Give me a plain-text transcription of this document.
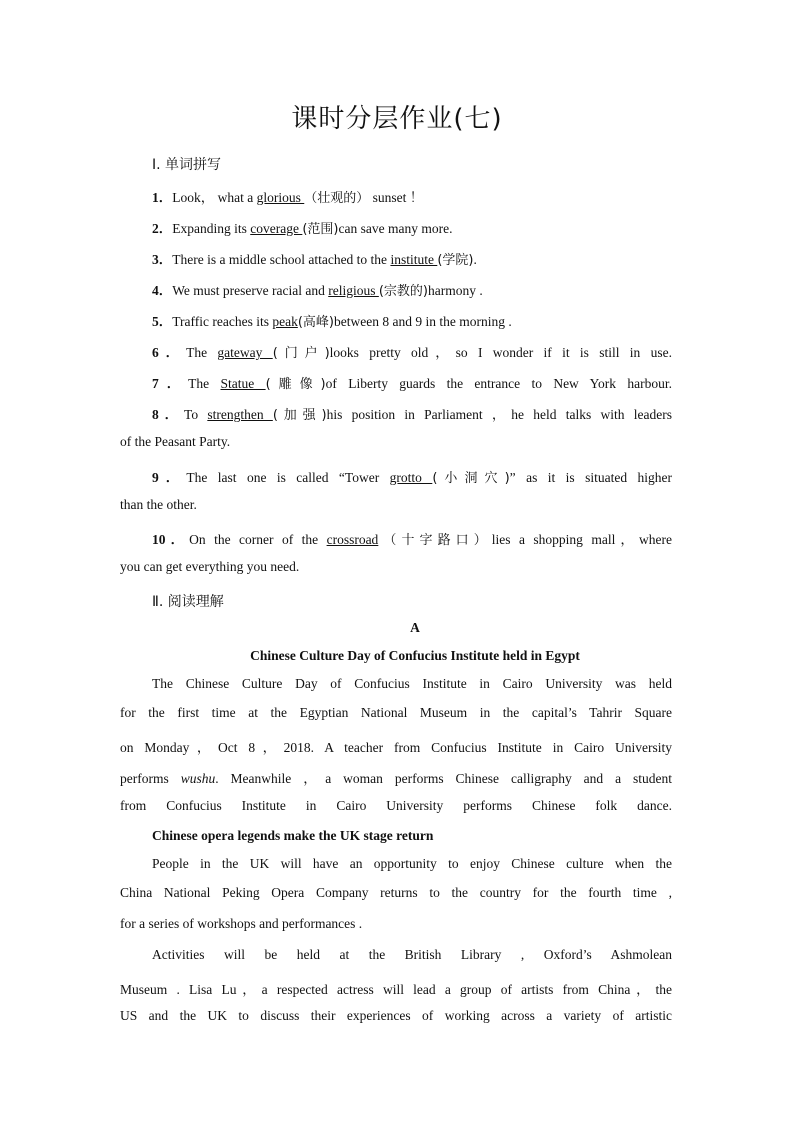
课时分层作业(七)
Ⅰ. 单词拼写
1．Look， what a glorious （壮观的） sunset ！
2．Expanding its coverage (范围)can save many more.
3．There is a middle school attached to the institute (学院).
4．We must preserve racial and religious (宗教的)harmony .
5．Traffic reaches its peak(高峰)between 8 and 9 in the morning .
6．The gateway (门户)looks pretty old，so I wonder if it is still in use.
7．The Statue (雕像)of Liberty guards the entrance to New York harbour.
8．To strengthen (加强)his position in Parliament ，he held talks with leaders
of the Peasant Party.
9．The last one is called “Tower grotto (小洞穴)” as it is situated higher
than the other.
10．On the corner of the crossroad（十字路口）lies a shopping mall，where
you can get everything you need.
Ⅱ. 阅读理解
A
Chinese Culture Day of Confucius Institute held in Egypt
The Chinese Culture Day of Confucius Institute in Cairo University was held
for the first time at the Egyptian National Museum in the capital’s Tahrir Square
on Monday，Oct 8，2018. A teacher from Confucius Institute in Cairo University
performs wushu. Meanwhile ，a woman performs Chinese calligraphy and a student
from Confucius Institute in Cairo University performs Chinese folk dance.
Chinese opera legends make the UK stage return
People in the UK will have an opportunity to enjoy Chinese culture when the
China National Peking Opera Company returns to the country for the fourth time ,
for a series of workshops and performances .
Activities will be held at the British Library , Oxford’s Ashmolean
Museum . Lisa Lu，a respected actress will lead a group of artists from China，the
US and the UK to discuss their experiences of working across a variety of artistic
